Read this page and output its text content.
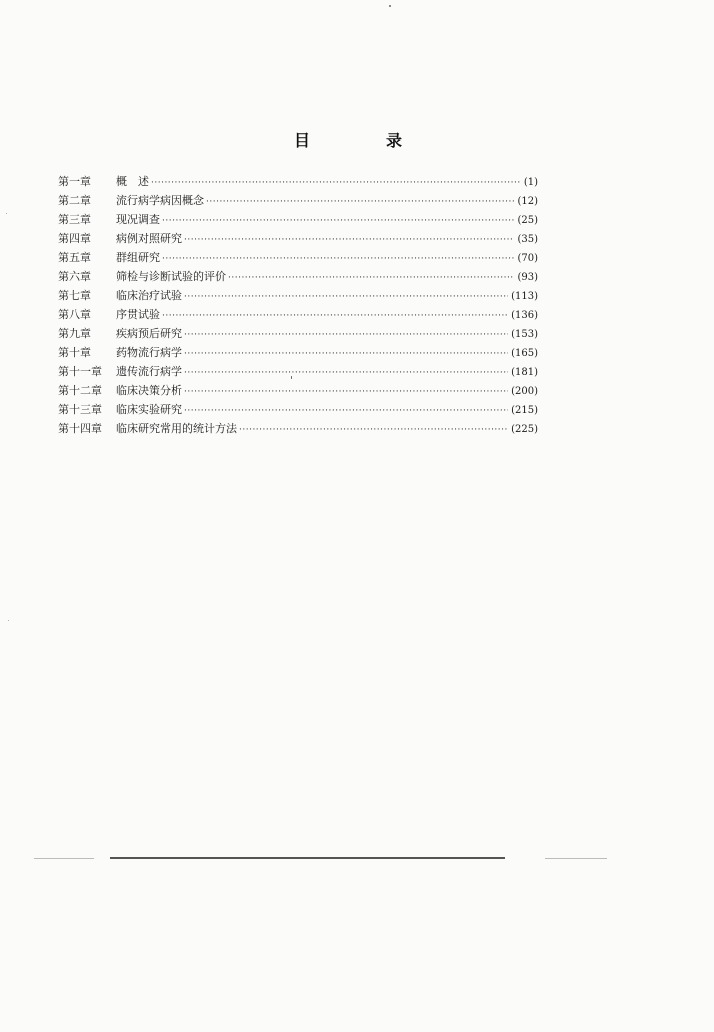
目　录
第一章	概　述 ·····	(1)
第二章	流行病学病因概念 ·····	(12)
第三章	现况调查 ·····	(25)
第四章	病例对照研究 ·····	(35)
第五章	群组研究 ·····	(70)
第六章	筛检与诊断试验的评价 ·····	(93)
第七章	临床治疗试验 ·····	(113)
第八章	序贯试验 ·····	(136)
第九章	疾病预后研究 ·····	(153)
第十章	药物流行病学 ·····	(165)
第十一章	遗传流行病学 ·····	(181)
第十二章	临床决策分析 ·····	(200)
第十三章	临床实验研究 ·····	(215)
第十四章	临床研究常用的统计方法 ·····	(225)
